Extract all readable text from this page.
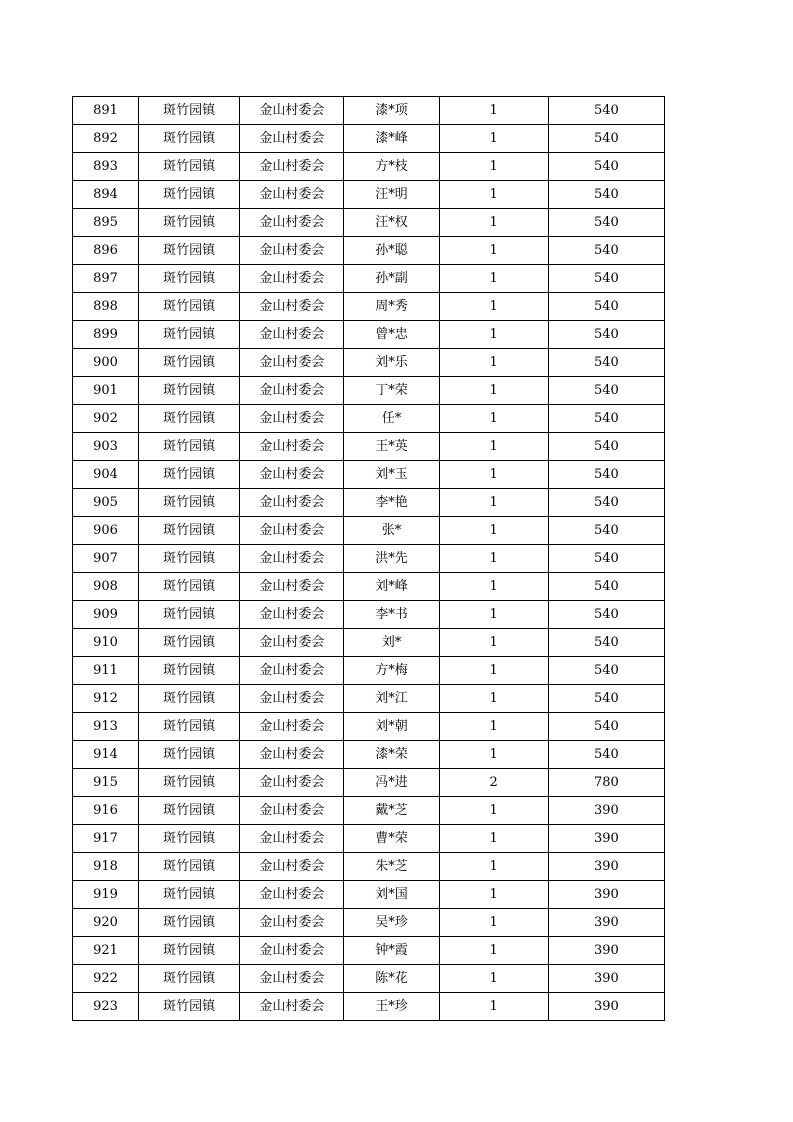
891	斑竹园镇	金山村委会	漆*项	1	540
892	斑竹园镇	金山村委会	漆*峰	1	540
893	斑竹园镇	金山村委会	方*枝	1	540
894	斑竹园镇	金山村委会	汪*明	1	540
895	斑竹园镇	金山村委会	汪*权	1	540
896	斑竹园镇	金山村委会	孙*聪	1	540
897	斑竹园镇	金山村委会	孙*副	1	540
898	斑竹园镇	金山村委会	周*秀	1	540
899	斑竹园镇	金山村委会	曾*忠	1	540
900	斑竹园镇	金山村委会	刘*乐	1	540
901	斑竹园镇	金山村委会	丁*荣	1	540
902	斑竹园镇	金山村委会	任*	1	540
903	斑竹园镇	金山村委会	王*英	1	540
904	斑竹园镇	金山村委会	刘*玉	1	540
905	斑竹园镇	金山村委会	李*艳	1	540
906	斑竹园镇	金山村委会	张*	1	540
907	斑竹园镇	金山村委会	洪*先	1	540
908	斑竹园镇	金山村委会	刘*峰	1	540
909	斑竹园镇	金山村委会	李*书	1	540
910	斑竹园镇	金山村委会	刘*	1	540
911	斑竹园镇	金山村委会	方*梅	1	540
912	斑竹园镇	金山村委会	刘*江	1	540
913	斑竹园镇	金山村委会	刘*朝	1	540
914	斑竹园镇	金山村委会	漆*荣	1	540
915	斑竹园镇	金山村委会	冯*进	2	780
916	斑竹园镇	金山村委会	戴*芝	1	390
917	斑竹园镇	金山村委会	曹*荣	1	390
918	斑竹园镇	金山村委会	朱*芝	1	390
919	斑竹园镇	金山村委会	刘*国	1	390
920	斑竹园镇	金山村委会	吴*珍	1	390
921	斑竹园镇	金山村委会	钟*霞	1	390
922	斑竹园镇	金山村委会	陈*花	1	390
923	斑竹园镇	金山村委会	王*珍	1	390
